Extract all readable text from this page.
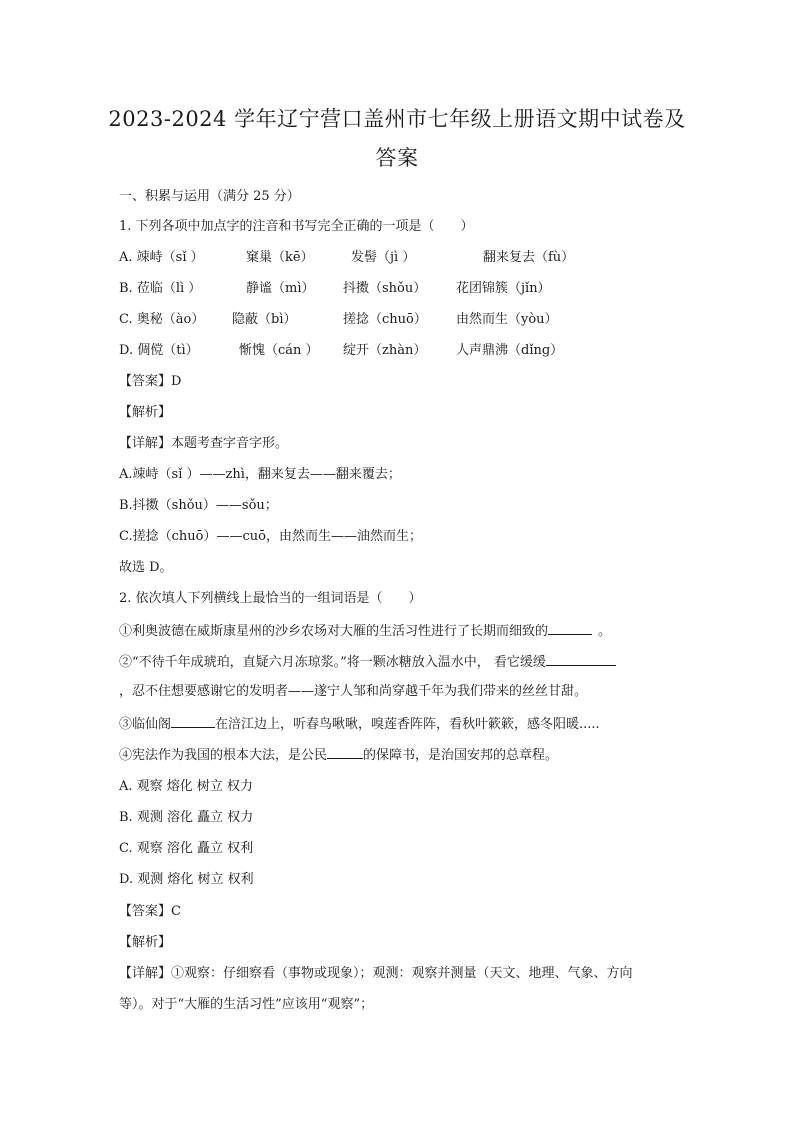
2023-2024 学年辽宁营口盖州市七年级上册语文期中试卷及
答案
一、积累与运用（满分 25 分）
1. 下列各项中加点字的注音和书写完全正确的一项是（　　）
A. 竦峙（sǐ ）	窠巢（kē）	发髻（jì ）	翻来复去（fù）
B. 莅临（lì ）	静谧（mì） 抖擞（shǒu） 花团锦簇（jǐn）
C. 奥秘（ào） 隐蔽（bì）	搓捻（chuō） 由然而生（yòu）
D. 倜傥（tì）	惭愧（cán ） 绽开（zhàn） 人声鼎沸（dǐng）
【答案】D
【解析】
【详解】本题考查字音字形。
A.竦峙（sǐ ）——zhì，翻来复去——翻来覆去；
B.抖擞（shǒu）——sǒu；
C.搓捻（chuō）——cuō，由然而生——油然而生；
故选 D。
2. 依次填人下列横线上最恰当的一组词语是（　　）
①利奥波德在威斯康星州的沙乡农场对大雁的生活习性进行了长期而细致的	。
②“不待千年成琥珀，直疑六月冻琼浆。”将一颗冰糖放入温水中， 看它缓缓
，忍不住想要感谢它的发明者——遂宁人邹和尚穿越千年为我们带来的丝丝甘甜。
③临仙阁	在涪江边上，听春鸟啾啾，嗅莲香阵阵，看秋叶簌簌，感冬阳暖.....
④宪法作为我国的根本大法，是公民	的保障书，是治国安邦的总章程。
A. 观察 熔化 树立 权力
B. 观测 溶化 矗立 权力
C. 观察 溶化 矗立 权利
D. 观测 熔化 树立 权利
【答案】C
【解析】
【详解】①观察：仔细察看（事物或现象）；观测：观察并测量（天文、地理、气象、方向
等）。对于“大雁的生活习性”应该用“观察”；
